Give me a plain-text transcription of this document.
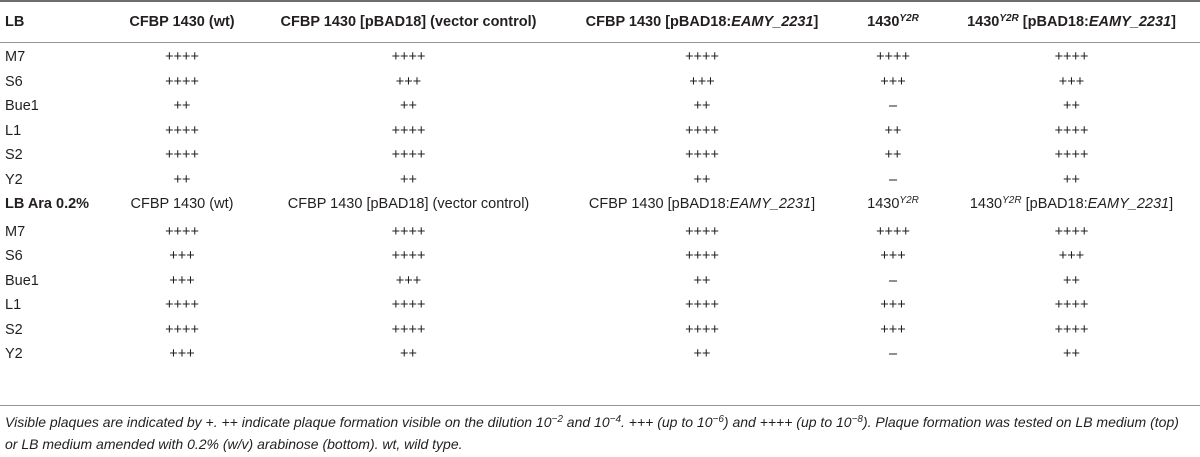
LB	CFBP 1430 (wt)	CFBP 1430 [pBAD18] (vector control)	CFBP 1430 [pBAD18:EAMY_2231]	$1430^{Y2R}$	$1430^{Y2R}$ [pBAD18:EAMY_2231]
M7	++++	++++	++++	++++	++++
S6	++++	+++	+++	+++	+++
Bue1	++	++	++	–	++
L1	++++	++++	++++	++	++++
S2	++++	++++	++++	++	++++
Y2	++	++	++	–	++
LB Ara 0.2%	CFBP 1430 (wt)	CFBP 1430 [pBAD18] (vector control)	CFBP 1430 [pBAD18:EAMY_2231]	$1430^{Y2R}$	$1430^{Y2R}$ [pBAD18:EAMY_2231]
M7	++++	++++	++++	++++	++++
S6	+++	++++	++++	+++	+++
Bue1	+++	+++	++	–	++
L1	++++	++++	++++	+++	++++
S2	++++	++++	++++	+++	++++
Y2	+++	++	++	–	++
Visible plaques are indicated by +. ++ indicate plaque formation visible on the dilution $10^{-2}$ and $10^{-4}$. +++ (up to $10^{-6}$) and ++++ (up to $10^{-8}$). Plaque formation was tested on LB medium (top) or LB medium amended with 0.2% (w/v) arabinose (bottom). wt, wild type.
